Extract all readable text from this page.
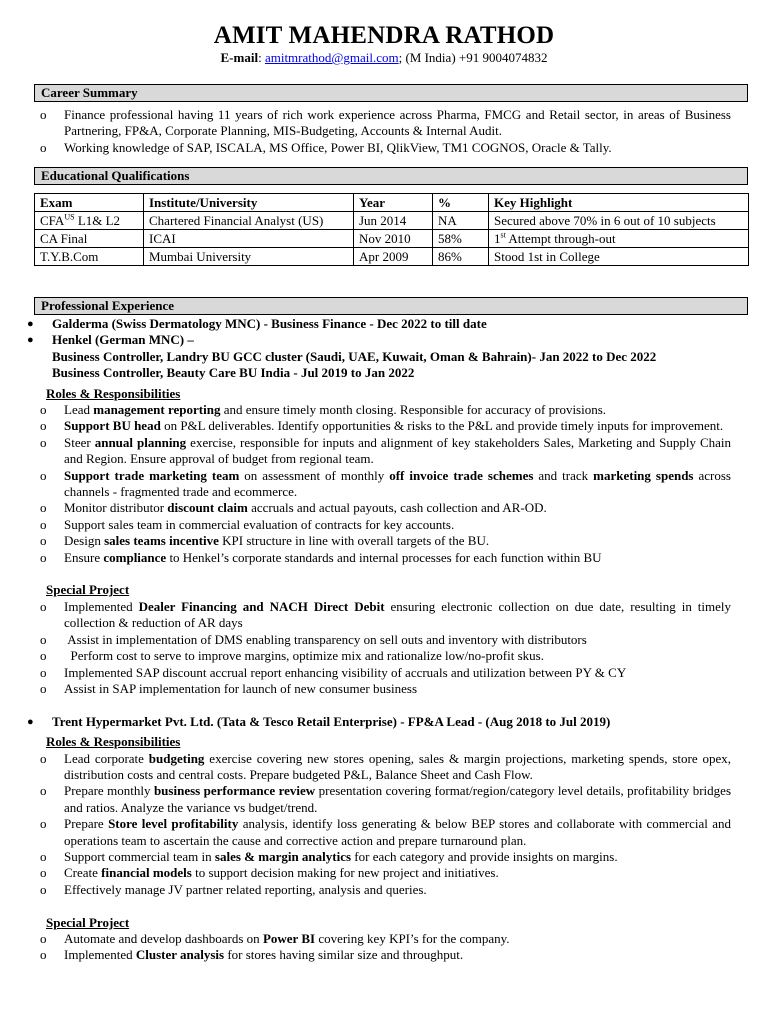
AMIT MAHENDRA RATHOD
E-mail: amitmrathod@gmail.com; (M India) +91 9004074832
Career Summary
o	Finance professional having 11 years of rich work experience across Pharma, FMCG and Retail sector, in areas of Business Partnering, FP&A, Corporate Planning, MIS-Budgeting, Accounts & Internal Audit.
o	Working knowledge of SAP, ISCALA, MS Office, Power BI, QlikView, TM1 COGNOS, Oracle & Tally.
Educational Qualifications
Exam	Institute/University	Year	%	Key Highlight
$CFA^{US}$ L1& L2	Chartered Financial Analyst (US)	Jun 2014	NA	Secured above 70% in 6 out of 10 subjects
CA Final	ICAI	Nov 2010	58%	1st Attempt through-out
T.Y.B.Com	Mumbai University	Apr 2009	86%	Stood 1st in College
Professional Experience
● Galderma (Swiss Dermatology MNC) - Business Finance - Dec 2022 to till date
● Henkel (German MNC) –
Business Controller, Landry BU GCC cluster (Saudi, UAE, Kuwait, Oman & Bahrain)- Jan 2022 to Dec 2022
Business Controller, Beauty Care BU India - Jul 2019 to Jan 2022
Roles & Responsibilities
o	Lead management reporting and ensure timely month closing. Responsible for accuracy of provisions.
o	Support BU head on P&L deliverables. Identify opportunities & risks to the P&L and provide timely inputs for improvement.
o	Steer annual planning exercise, responsible for inputs and alignment of key stakeholders Sales, Marketing and Supply Chain and Region. Ensure approval of budget from regional team.
o	Support trade marketing team on assessment of monthly off invoice trade schemes and track marketing spends across channels - fragmented trade and ecommerce.
o	Monitor distributor discount claim accruals and actual payouts, cash collection and AR-OD.
o	Support sales team in commercial evaluation of contracts for key accounts.
o	Design sales teams incentive KPI structure in line with overall targets of the BU.
o	Ensure compliance to Henkel’s corporate standards and internal processes for each function within BU
Special Project
o	Implemented Dealer Financing and NACH Direct Debit ensuring electronic collection on due date, resulting in timely collection & reduction of AR days
o	Assist in implementation of DMS enabling transparency on sell outs and inventory with distributors
o	Perform cost to serve to improve margins, optimize mix and rationalize low/no-profit skus.
o	Implemented SAP discount accrual report enhancing visibility of accruals and utilization between PY & CY
o	Assist in SAP implementation for launch of new consumer business
● Trent Hypermarket Pvt. Ltd. (Tata & Tesco Retail Enterprise) - FP&A Lead - (Aug 2018 to Jul 2019)
Roles & Responsibilities
o	Lead corporate budgeting exercise covering new stores opening, sales & margin projections, marketing spends, store opex, distribution costs and central costs. Prepare budgeted P&L, Balance Sheet and Cash Flow.
o	Prepare monthly business performance review presentation covering format/region/category level details, profitability bridges and ratios. Analyze the variance vs budget/trend.
o	Prepare Store level profitability analysis, identify loss generating & below BEP stores and collaborate with commercial and operations team to ascertain the cause and corrective action and prepare turnaround plan.
o	Support commercial team in sales & margin analytics for each category and provide insights on margins.
o	Create financial models to support decision making for new project and initiatives.
o	Effectively manage JV partner related reporting, analysis and queries.
Special Project
o	Automate and develop dashboards on Power BI covering key KPI’s for the company.
o	Implemented Cluster analysis for stores having similar size and throughput.
